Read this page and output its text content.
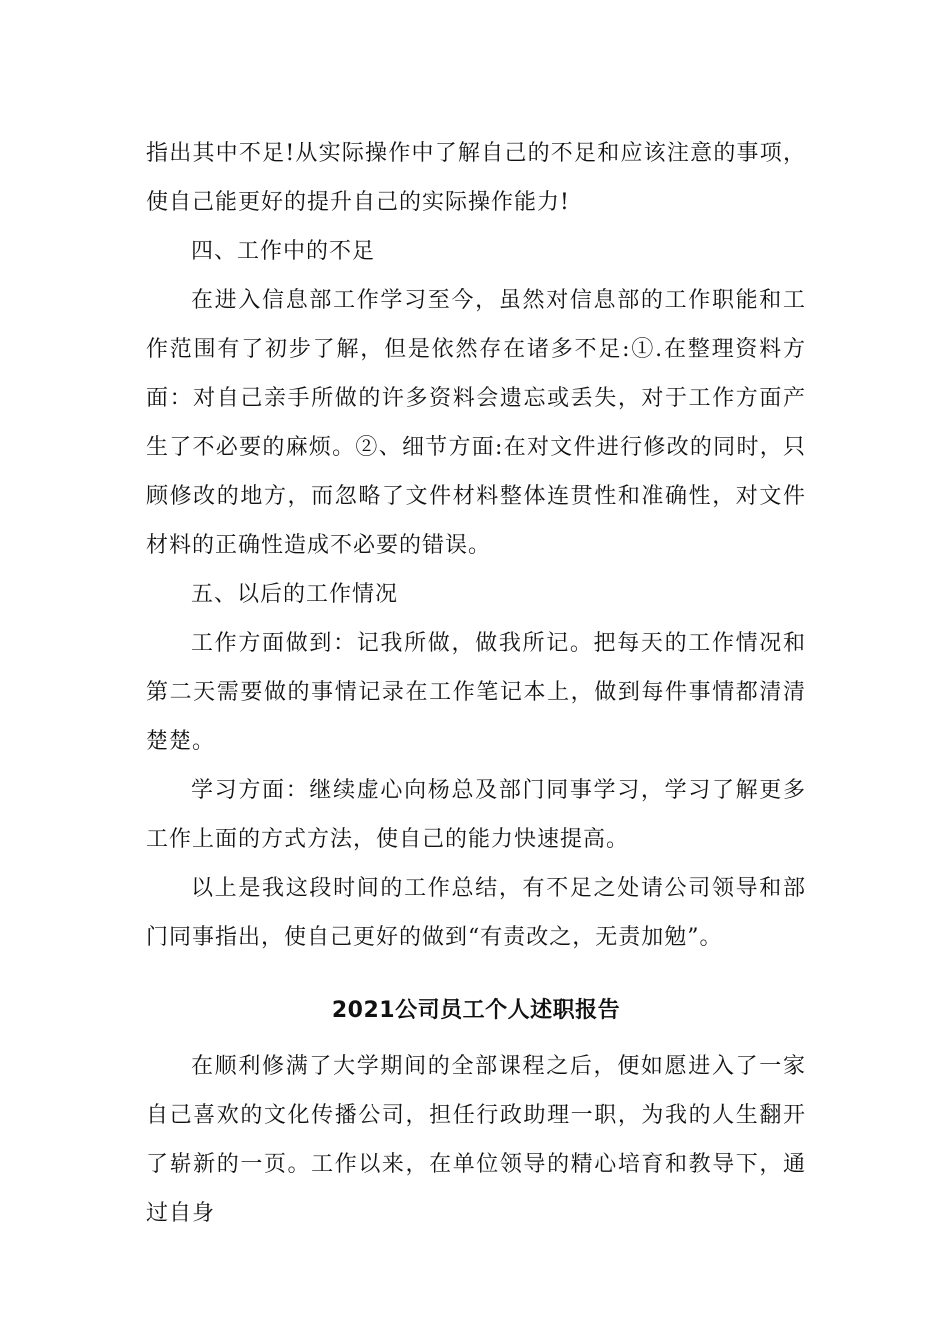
指出其中不足!从实际操作中了解自己的不足和应该注意的事项，使自己能更好的提升自己的实际操作能力!

四、工作中的不足

在进入信息部工作学习至今，虽然对信息部的工作职能和工作范围有了初步了解，但是依然存在诸多不足:①.在整理资料方面：对自己亲手所做的许多资料会遗忘或丢失，对于工作方面产生了不必要的麻烦。②、细节方面:在对文件进行修改的同时，只顾修改的地方，而忽略了文件材料整体连贯性和准确性，对文件材料的正确性造成不必要的错误。

五、以后的工作情况

工作方面做到：记我所做，做我所记。把每天的工作情况和第二天需要做的事情记录在工作笔记本上，做到每件事情都清清楚楚。

学习方面：继续虚心向杨总及部门同事学习，学习了解更多工作上面的方式方法，使自己的能力快速提高。

以上是我这段时间的工作总结，有不足之处请公司领导和部门同事指出，使自己更好的做到“有责改之，无责加勉”。

2021公司员工个人述职报告

在顺利修满了大学期间的全部课程之后，便如愿进入了一家自己喜欢的文化传播公司，担任行政助理一职，为我的人生翻开了崭新的一页。工作以来，在单位领导的精心培育和教导下，通过自身
